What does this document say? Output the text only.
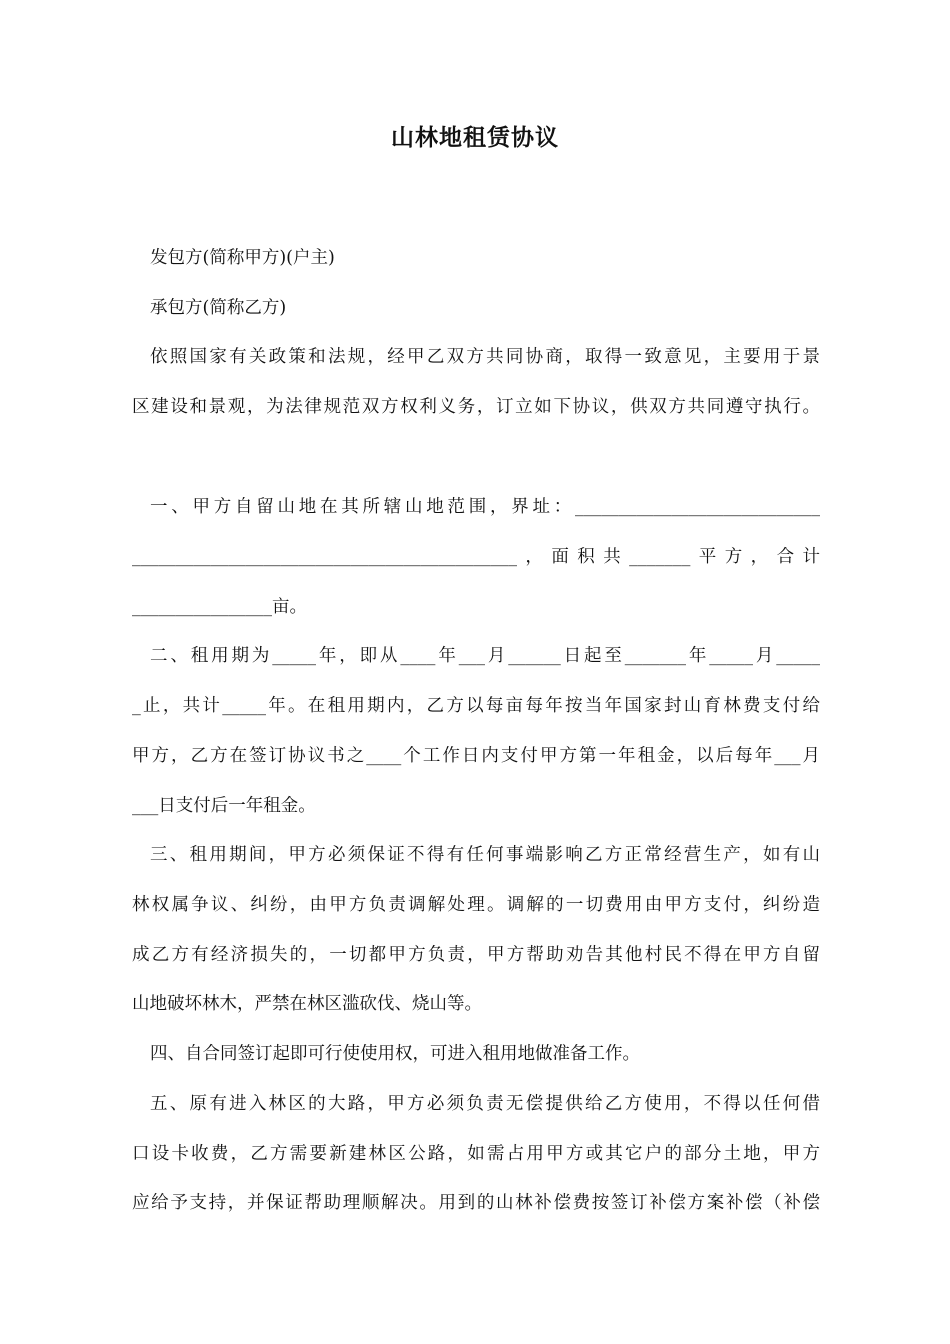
山林地租赁协议
发包方(简称甲方)(户主)
承包方(简称乙方)
依照国家有关政策和法规，经甲乙双方共同协商，取得一致意见，主要用于景
区建设和景观，为法律规范双方权利义务，订立如下协议，供双方共同遵守执行。
一、甲方自留山地在其所辖山地范围，界址：____________________________
____________________________________________，面积共_______平方，合计
________________亩。
二、租用期为_____年，即从____年___月______日起至_______年_____月_____
_止，共计_____年。在租用期内，乙方以每亩每年按当年国家封山育林费支付给
甲方，乙方在签订协议书之____个工作日内支付甲方第一年租金，以后每年___月
___日支付后一年租金。
三、租用期间，甲方必须保证不得有任何事端影响乙方正常经营生产，如有山
林权属争议、纠纷，由甲方负责调解处理。调解的一切费用由甲方支付，纠纷造
成乙方有经济损失的，一切都甲方负责，甲方帮助劝告其他村民不得在甲方自留
山地破坏林木，严禁在林区滥砍伐、烧山等。
四、自合同签订起即可行使使用权，可进入租用地做准备工作。
五、原有进入林区的大路，甲方必须负责无偿提供给乙方使用，不得以任何借
口设卡收费，乙方需要新建林区公路，如需占用甲方或其它户的部分土地，甲方
应给予支持，并保证帮助理顺解决。用到的山林补偿费按签订补偿方案补偿（补偿
